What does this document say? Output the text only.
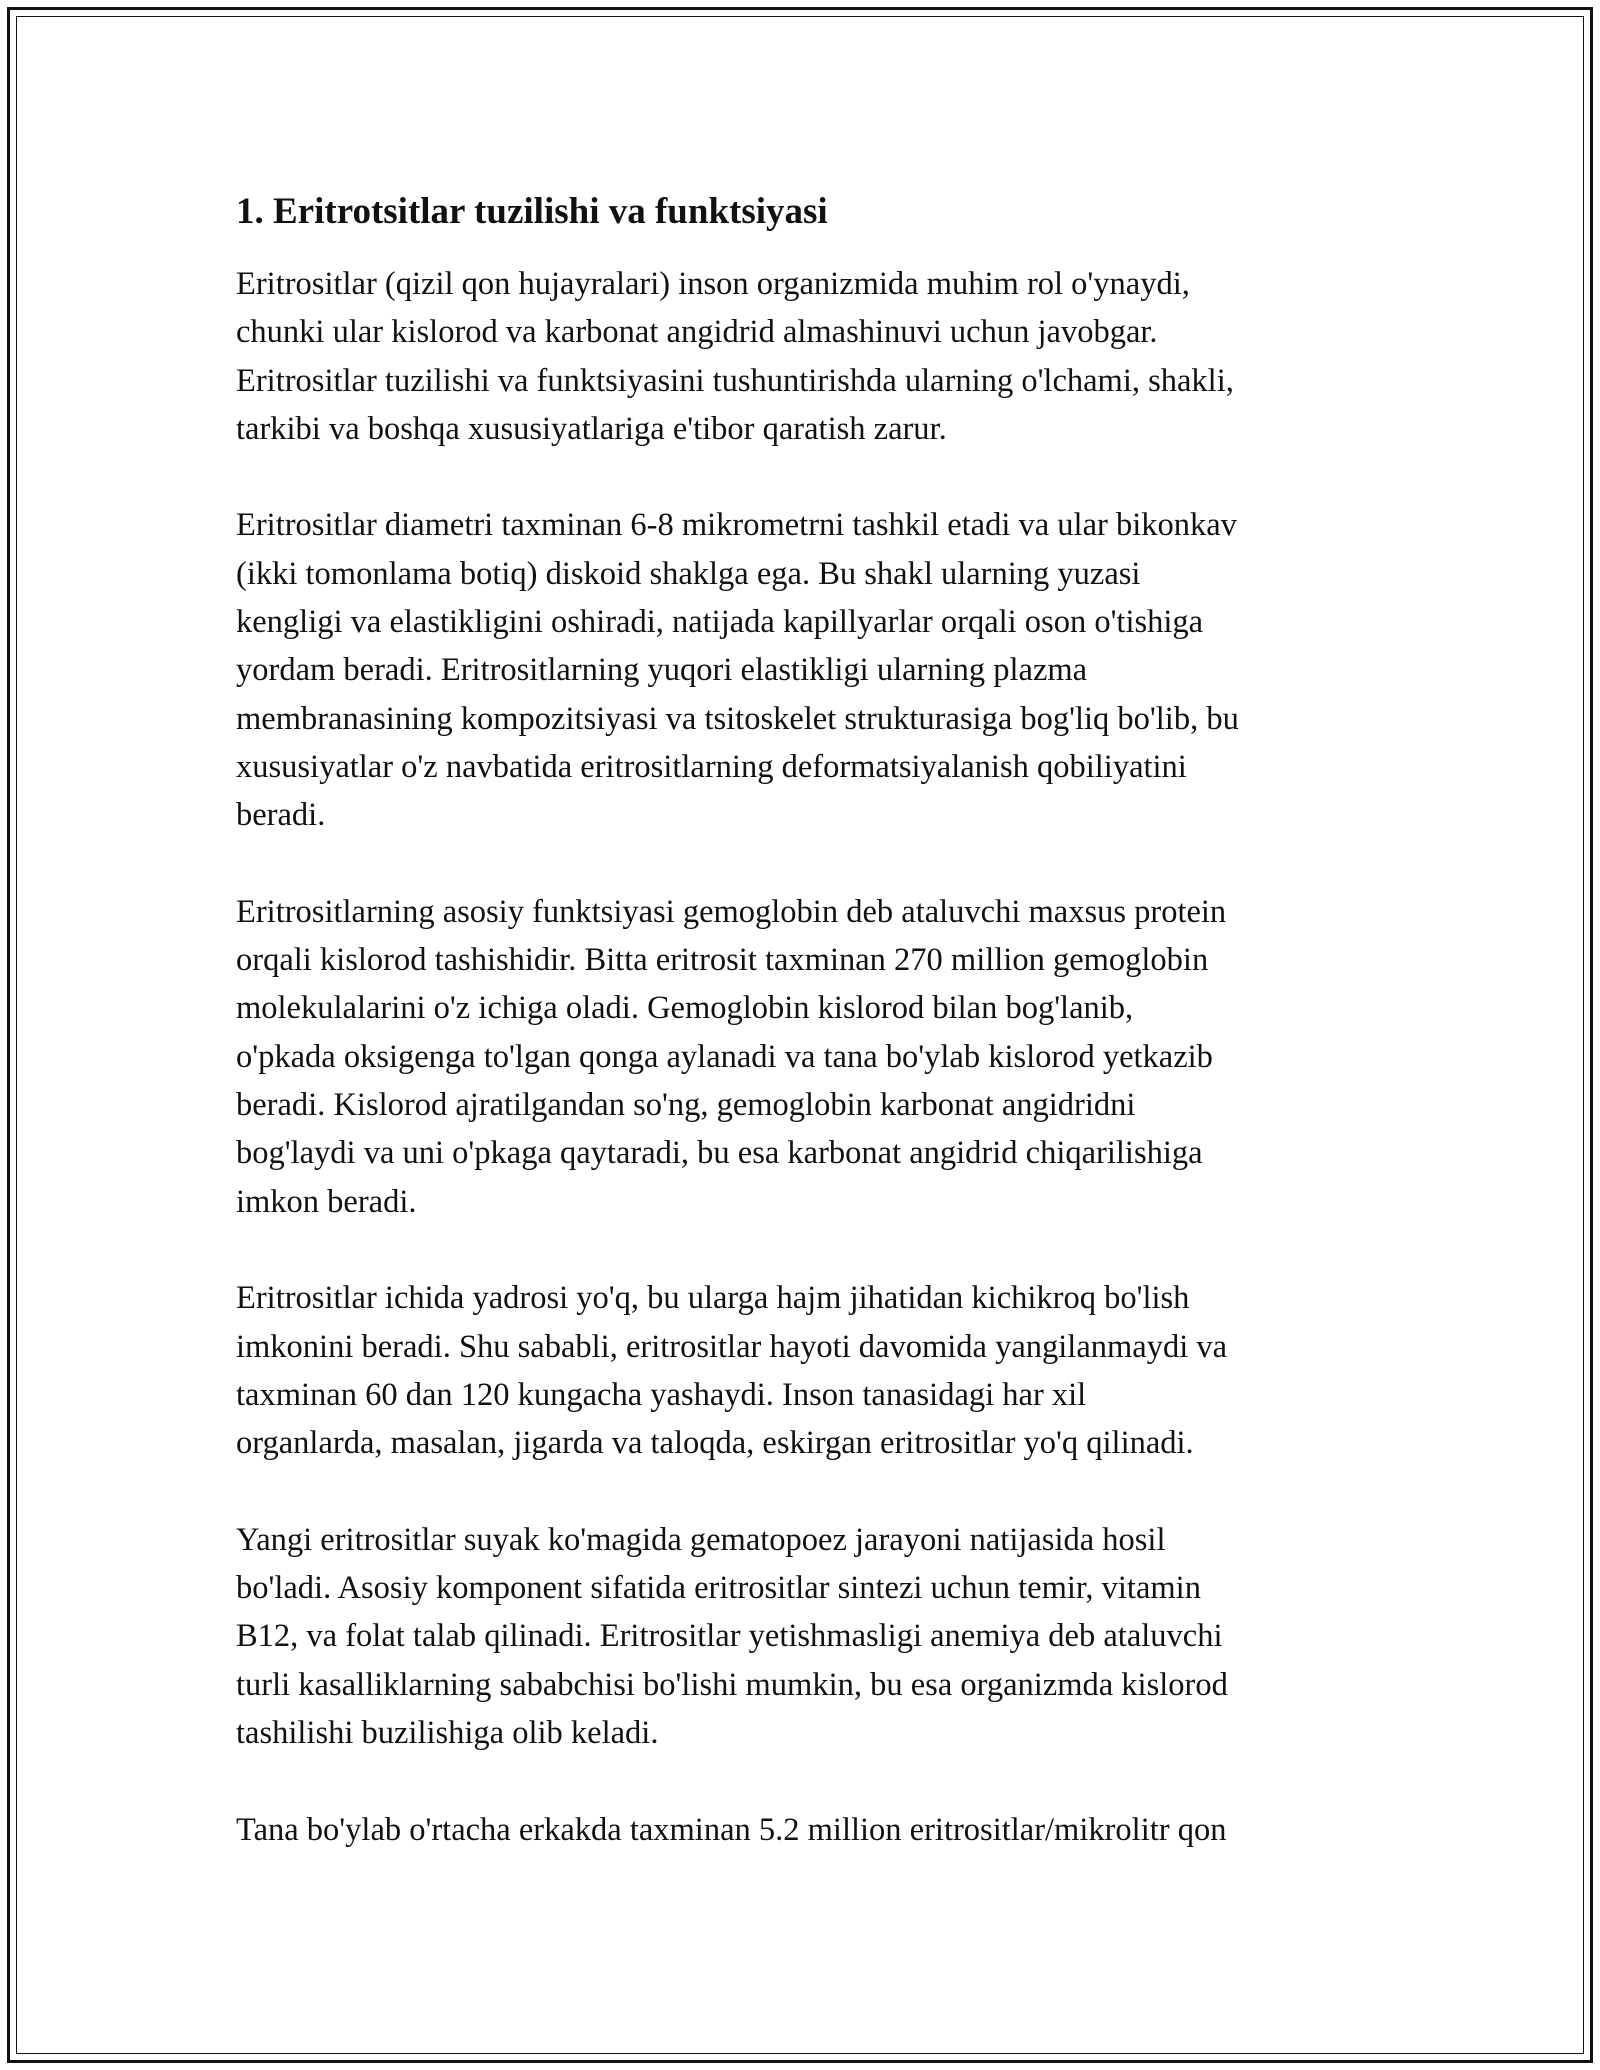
1. Eritrotsitlar tuzilishi va funktsiyasi

Eritrositlar (qizil qon hujayralari) inson organizmida muhim rol o'ynaydi,
chunki ular kislorod va karbonat angidrid almashinuvi uchun javobgar.
Eritrositlar tuzilishi va funktsiyasini tushuntirishda ularning o'lchami, shakli,
tarkibi va boshqa xususiyatlariga e'tibor qaratish zarur.

Eritrositlar diametri taxminan 6-8 mikrometrni tashkil etadi va ular bikonkav
(ikki tomonlama botiq) diskoid shaklga ega. Bu shakl ularning yuzasi
kengligi va elastikligini oshiradi, natijada kapillyarlar orqali oson o'tishiga
yordam beradi. Eritrositlarning yuqori elastikligi ularning plazma
membranasining kompozitsiyasi va tsitoskelet strukturasiga bog'liq bo'lib, bu
xususiyatlar o'z navbatida eritrositlarning deformatsiyalanish qobiliyatini
beradi.

Eritrositlarning asosiy funktsiyasi gemoglobin deb ataluvchi maxsus protein
orqali kislorod tashishidir. Bitta eritrosit taxminan 270 million gemoglobin
molekulalarini o'z ichiga oladi. Gemoglobin kislorod bilan bog'lanib,
o'pkada oksigenga to'lgan qonga aylanadi va tana bo'ylab kislorod yetkazib
beradi. Kislorod ajratilgandan so'ng, gemoglobin karbonat angidridni
bog'laydi va uni o'pkaga qaytaradi, bu esa karbonat angidrid chiqarilishiga
imkon beradi.

Eritrositlar ichida yadrosi yo'q, bu ularga hajm jihatidan kichikroq bo'lish
imkonini beradi. Shu sababli, eritrositlar hayoti davomida yangilanmaydi va
taxminan 60 dan 120 kungacha yashaydi. Inson tanasidagi har xil
organlarda, masalan, jigarda va taloqda, eskirgan eritrositlar yo'q qilinadi.

Yangi eritrositlar suyak ko'magida gematopoez jarayoni natijasida hosil
bo'ladi. Asosiy komponent sifatida eritrositlar sintezi uchun temir, vitamin
B12, va folat talab qilinadi. Eritrositlar yetishmasligi anemiya deb ataluvchi
turli kasalliklarning sababchisi bo'lishi mumkin, bu esa organizmda kislorod
tashilishi buzilishiga olib keladi.

Tana bo'ylab o'rtacha erkakda taxminan 5.2 million eritrositlar/mikrolitr qon
